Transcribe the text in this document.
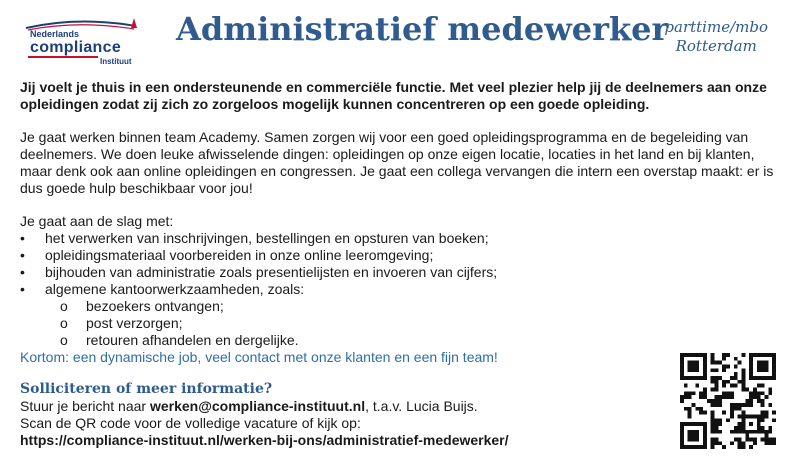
Nederlands
compliance
Instituut
Administratief medewerker
parttime/mbo
Rotterdam

Jij voelt je thuis in een ondersteunende en commerciële functie. Met veel plezier help jij de deelnemers aan onze opleidingen zodat zij zich zo zorgeloos mogelijk kunnen concentreren op een goede opleiding.

Je gaat werken binnen team Academy. Samen zorgen wij voor een goed opleidingsprogramma en de begeleiding van deelnemers. We doen leuke afwisselende dingen: opleidingen op onze eigen locatie, locaties in het land en bij klanten, maar denk ook aan online opleidingen en congressen. Je gaat een collega vervangen die intern een overstap maakt: er is dus goede hulp beschikbaar voor jou!

Je gaat aan de slag met:

• het verwerken van inschrijvingen, bestellingen en opsturen van boeken;
• opleidingsmateriaal voorbereiden in onze online leeromgeving;
• bijhouden van administratie zoals presentielijsten en invoeren van cijfers;
• algemene kantoorwerkzaamheden, zoals:
o bezoekers ontvangen;
o post verzorgen;
o retouren afhandelen en dergelijke.

Kortom: een dynamische job, veel contact met onze klanten en een fijn team!

Solliciteren of meer informatie?

Stuur je bericht naar werken@compliance-instituut.nl, t.a.v. Lucia Buijs.

Scan de QR code voor de volledige vacature of kijk op:

https://compliance-instituut.nl/werken-bij-ons/administratief-medewerker/
